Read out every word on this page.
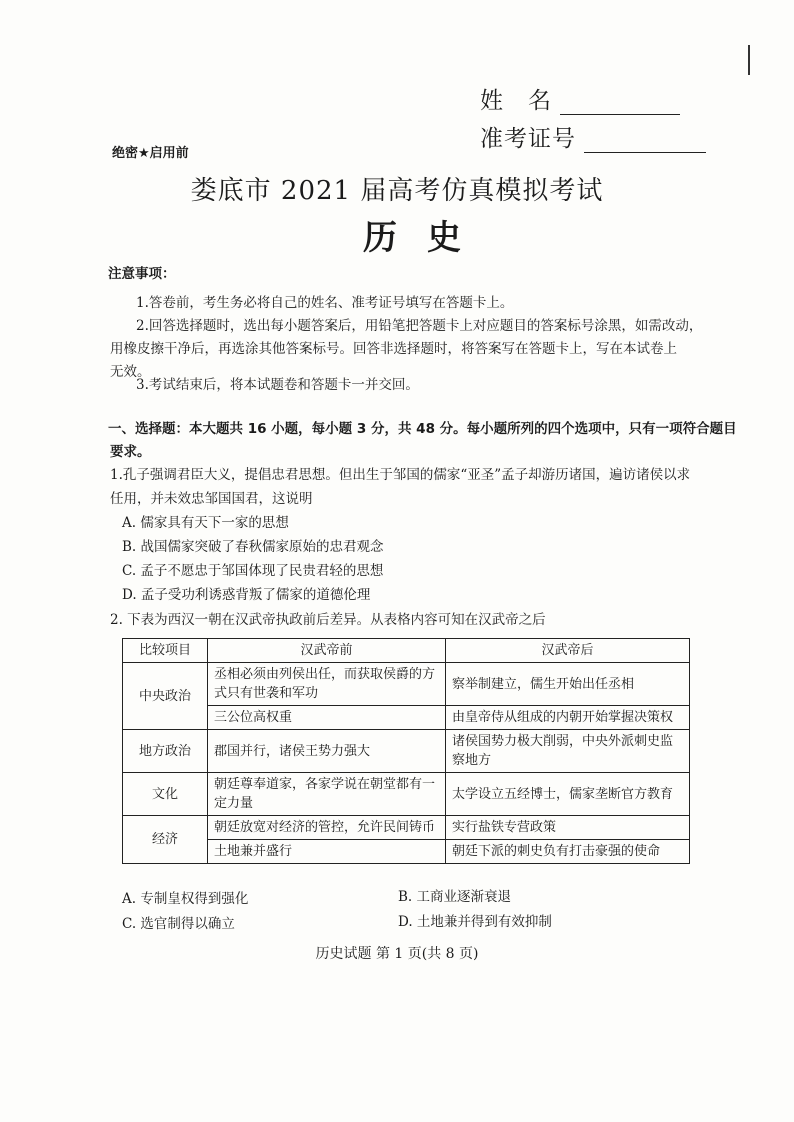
姓　名
准考证号
绝密★启用前
娄底市 2021 届高考仿真模拟考试
历史
注意事项：
1.答卷前，考生务必将自己的姓名、准考证号填写在答题卡上。
2.回答选择题时，选出每小题答案后，用铅笔把答题卡上对应题目的答案标号涂黑，如需改动，
用橡皮擦干净后，再选涂其他答案标号。回答非选择题时，将答案写在答题卡上，写在本试卷上
无效。
3.考试结束后，将本试题卷和答题卡一并交回。
一、选择题：本大题共 16 小题，每小题 3 分，共 48 分。每小题所列的四个选项中，只有一项符合题目
要求。
1.孔子强调君臣大义，提倡忠君思想。但出生于邹国的儒家“亚圣”孟子却游历诸国，遍访诸侯以求
任用，并未效忠邹国国君，这说明
A. 儒家具有天下一家的思想
B. 战国儒家突破了春秋儒家原始的忠君观念
C. 孟子不愿忠于邹国体现了民贵君轻的思想
D. 孟子受功利诱惑背叛了儒家的道德伦理
2. 下表为西汉一朝在汉武帝执政前后差异。从表格内容可知在汉武帝之后
比较项目	汉武帝前	汉武帝后
中央政治	丞相必须由列侯出任，而获取侯爵的方式只有世袭和军功	察举制建立，儒生开始出任丞相
	三公位高权重	由皇帝侍从组成的内朝开始掌握决策权
地方政治	郡国并行，诸侯王势力强大	诸侯国势力极大削弱，中央外派刺史监察地方
文化	朝廷尊奉道家，各家学说在朝堂都有一定力量	太学设立五经博士，儒家垄断官方教育
经济	朝廷放宽对经济的管控，允许民间铸币	实行盐铁专营政策
	土地兼并盛行	朝廷下派的刺史负有打击豪强的使命
A. 专制皇权得到强化	B. 工商业逐渐衰退
C. 选官制得以确立	D. 土地兼并得到有效抑制
历史试题 第 1 页(共 8 页)
